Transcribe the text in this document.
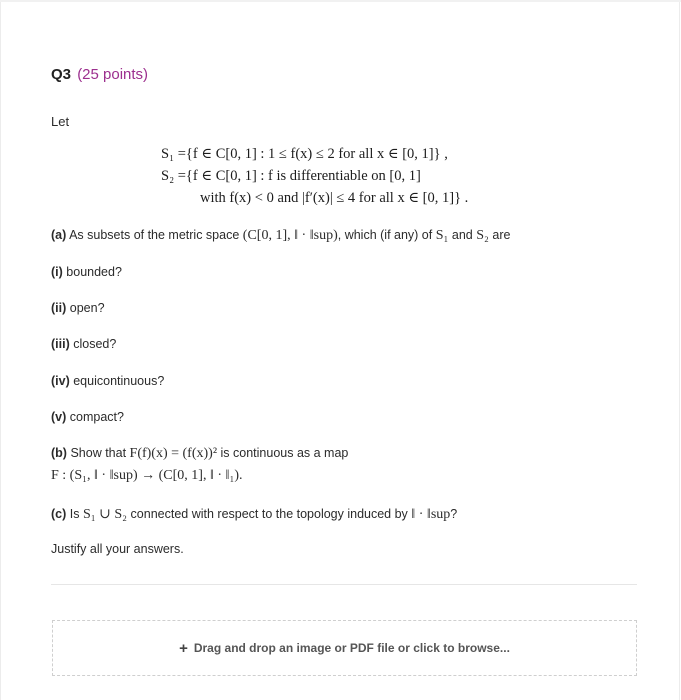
Q3 (25 points)
Let
S₁ ={f ∈ C[0, 1] : 1 ≤ f(x) ≤ 2 for all x ∈ [0, 1]} ,
S₂ ={f ∈ C[0, 1] : f is differentiable on [0, 1]
with f(x) < 0 and |f′(x)| ≤ 4 for all x ∈ [0, 1]} .
(a) As subsets of the metric space (C[0, 1], ‖ · ‖sup), which (if any) of S₁ and S₂ are
(i) bounded?
(ii) open?
(iii) closed?
(iv) equicontinuous?
(v) compact?
(b) Show that F(f)(x) = (f(x))² is continuous as a map
F : (S₁, ‖ · ‖sup) → (C[0, 1], ‖ · ‖₁).
(c) Is S₁ ∪ S₂ connected with respect to the topology induced by ‖ · ‖sup?
Justify all your answers.
+ Drag and drop an image or PDF file or click to browse...
